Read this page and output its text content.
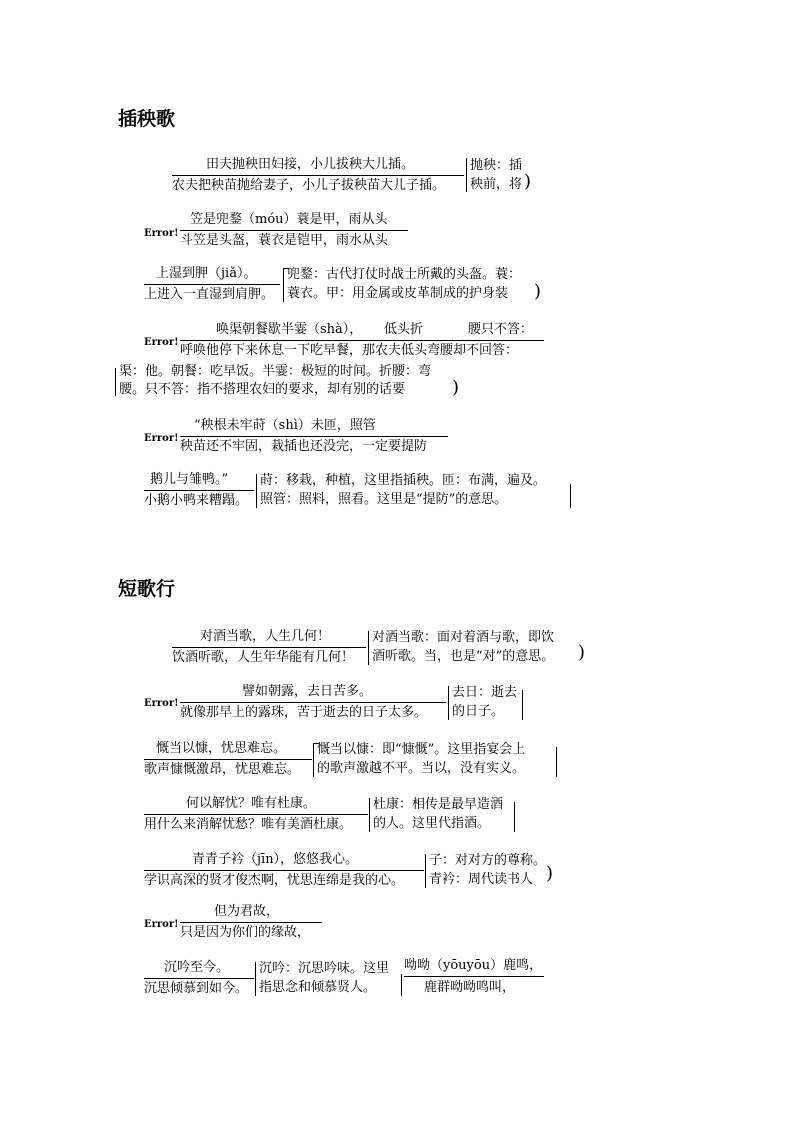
插秧歌
田夫抛秧田妇接，小儿拔秧大儿插。
农夫把秧苗抛给妻子，小儿子拔秧苗大儿子插。
抛秧：插
秧前，将 )
Error!
笠是兜鍪（móu）蓑是甲，雨从头
斗笠是头盔，蓑衣是铠甲，雨水从头
上湿到胛（jiǎ）。
上进入一直湿到肩胛。
兜鍪：古代打仗时战士所戴的头盔。蓑：
蓑衣。甲：用金属或皮革制成的护身装 )
Error!
唤渠朝餐歇半霎（shà）， 低头折	腰只不答：
呼唤他停下来休息一下吃早餐，那农夫低头弯腰却不回答：
渠：他。朝餐：吃早饭。半霎：极短的时间。折腰：弯
腰。只不答：指不搭理农妇的要求，却有别的话要	)
Error!
“秧根未牢莳（shì）未匝，照管
秧苗还不牢固，栽插也还没完，一定要提防
鹅儿与雏鸭。”
小鹅小鸭来糟蹋。
莳：移栽，种植，这里指插秧。匝：布满，遍及。
照管：照料，照看。这里是“提防”的意思。
短歌行
对酒当歌，人生几何！
饮酒听歌，人生年华能有几何！
对酒当歌：面对着酒与歌，即饮
酒听歌。当，也是“对”的意思。 )
Error!
譬如朝露，去日苦多。
就像那早上的露珠，苦于逝去的日子太多。
去日：逝去
的日子。
慨当以慷，忧思难忘。
歌声慷慨激昂，忧思难忘。
慨当以慷：即“慷慨”。这里指宴会上
的歌声激越不平。当以，没有实义。
何以解忧？唯有杜康。
用什么来消解忧愁？唯有美酒杜康。
杜康：相传是最早造酒
的人。这里代指酒。
青青子衿（jīn），悠悠我心。
学识高深的贤才俊杰啊，忧思连绵是我的心。
子：对对方的尊称。
青衿：周代读书人 )
Error!
但为君故，
只是因为你们的缘故，
沉吟至今。
沉思倾慕到如今。
沉吟：沉思吟味。这里
指思念和倾慕贤人。
呦呦（yōuyōu）鹿鸣，
鹿群呦呦鸣叫，
